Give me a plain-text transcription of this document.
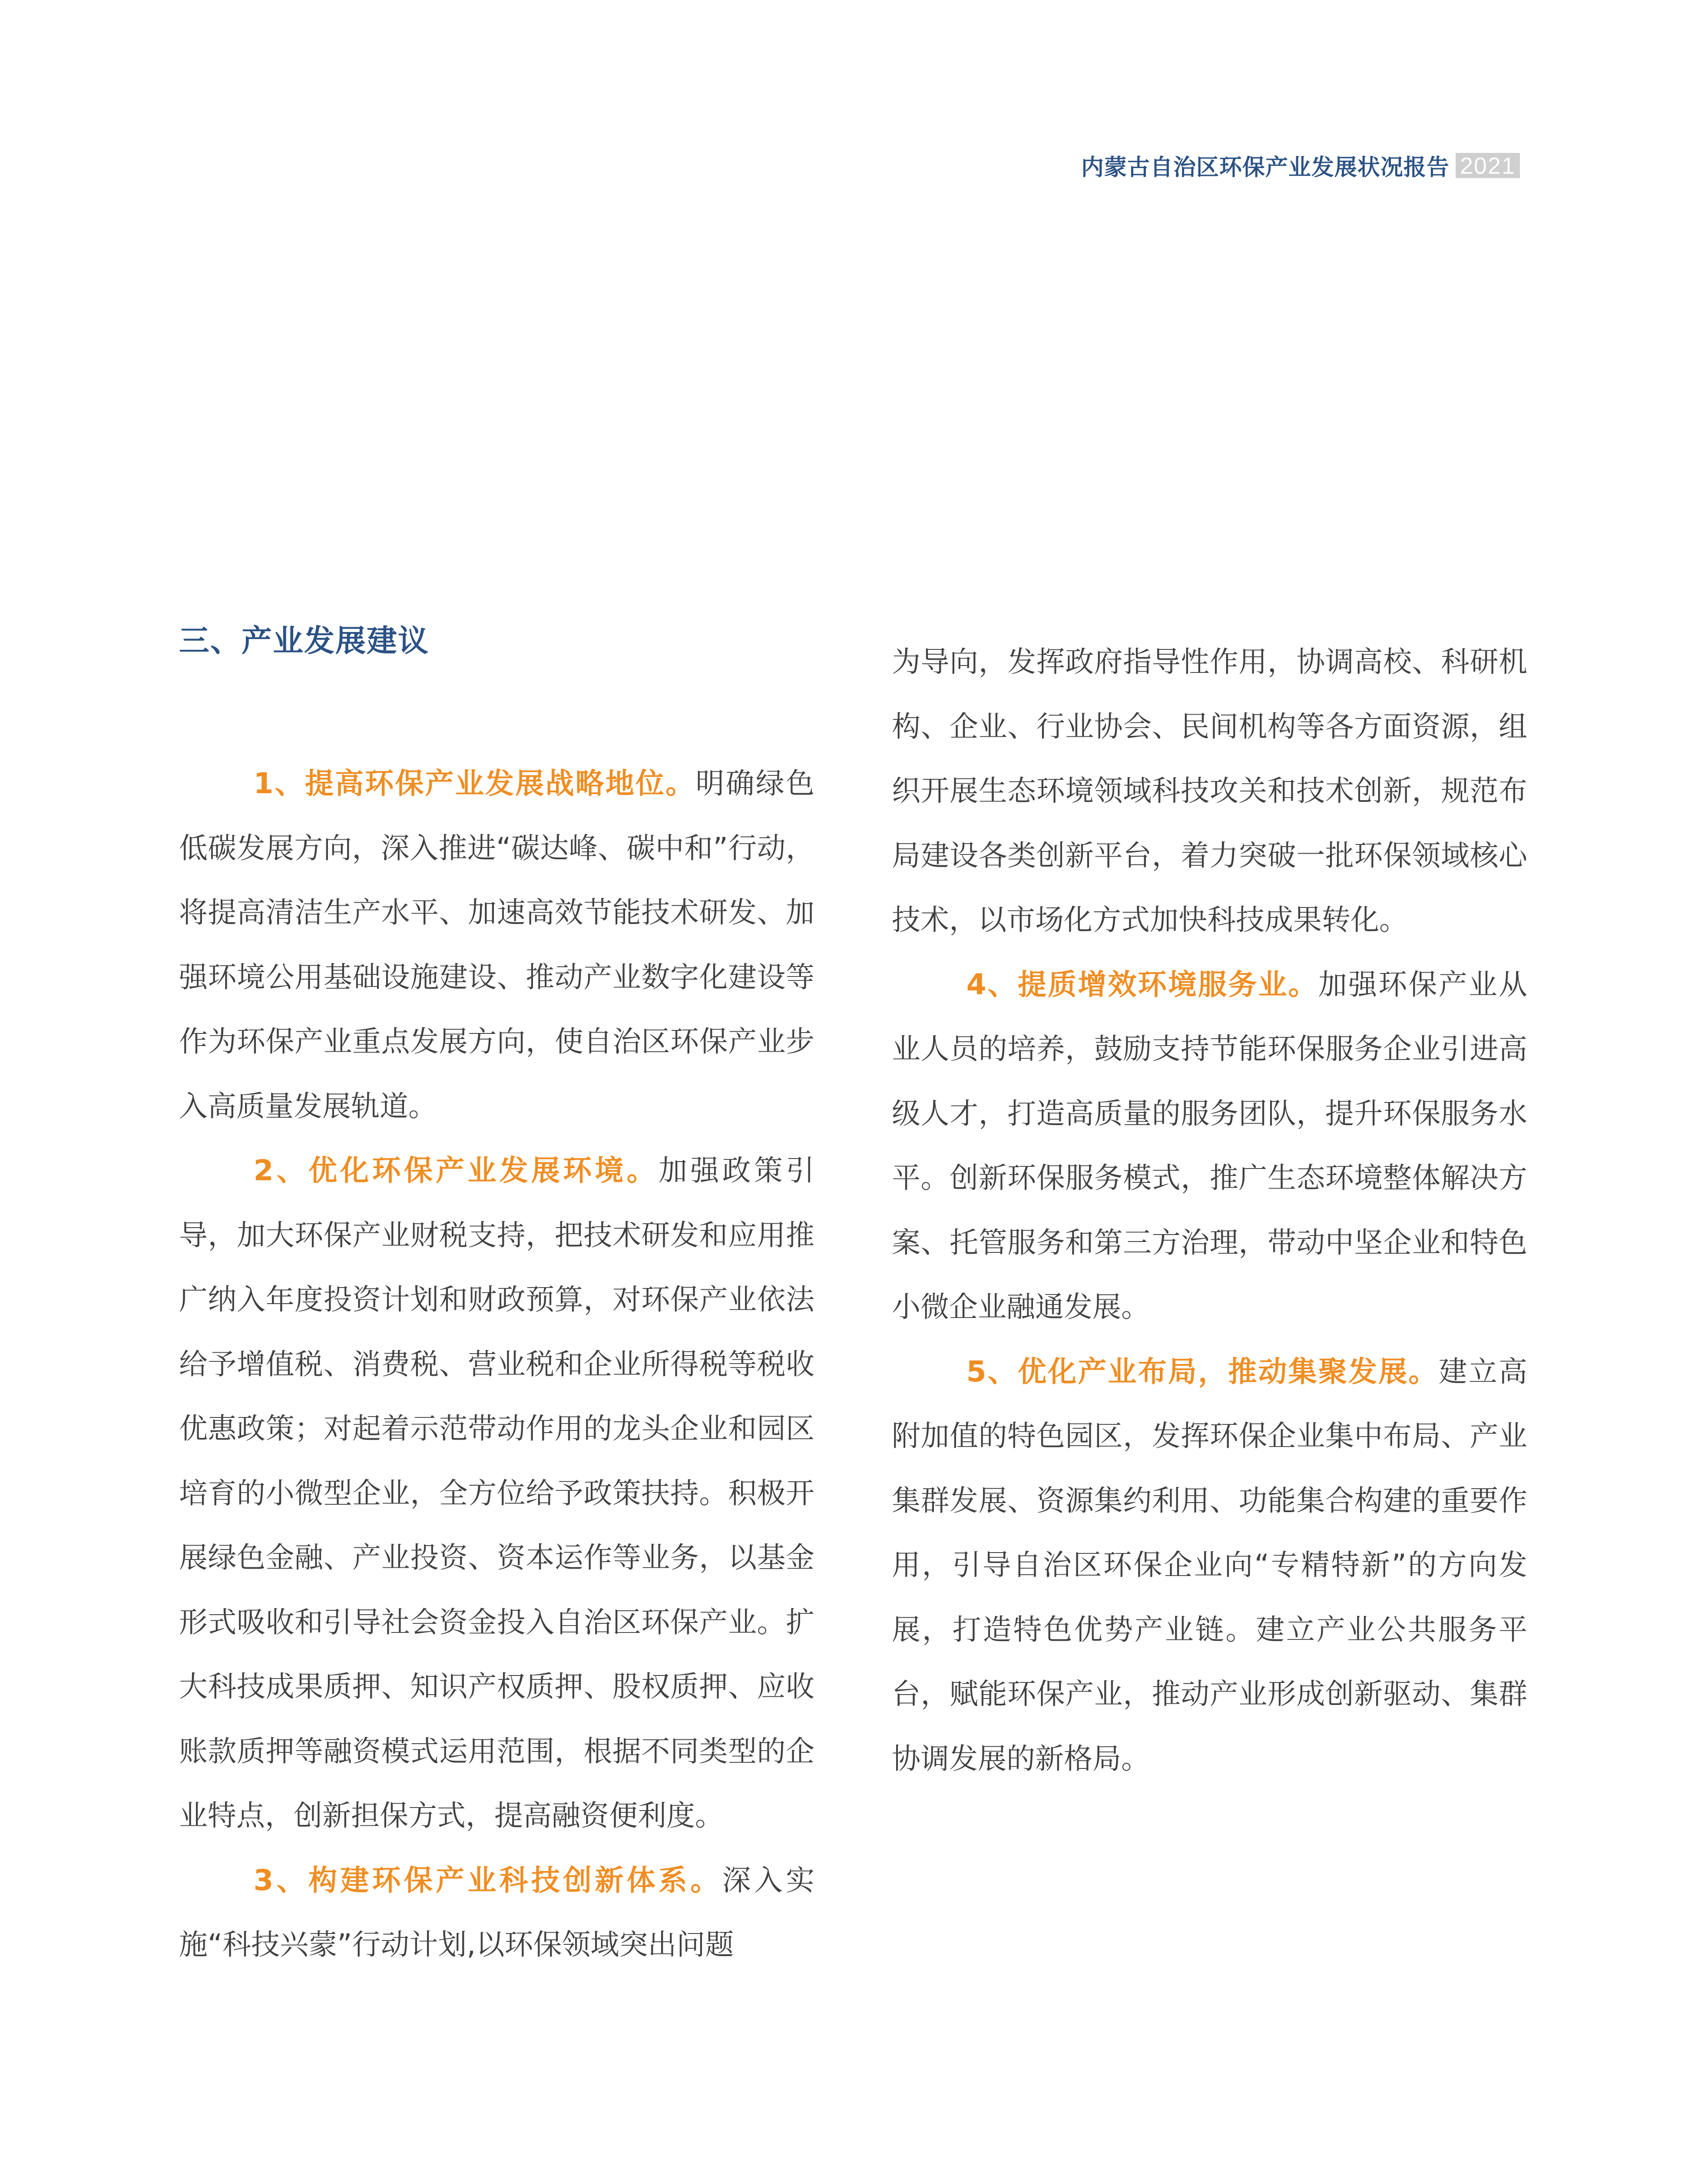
内蒙古自治区环保产业发展状况报告 2021
三、产业发展建议

1、提高环保产业发展战略地位。明确绿色低碳发展方向，深入推进“碳达峰、碳中和”行动，将提高清洁生产水平、加速高效节能技术研发、加强环境公用基础设施建设、推动产业数字化建设等作为环保产业重点发展方向，使自治区环保产业步入高质量发展轨道。

2、优化环保产业发展环境。加强政策引导，加大环保产业财税支持，把技术研发和应用推广纳入年度投资计划和财政预算，对环保产业依法给予增值税、消费税、营业税和企业所得税等税收优惠政策；对起着示范带动作用的龙头企业和园区培育的小微型企业，全方位给予政策扶持。积极开展绿色金融、产业投资、资本运作等业务，以基金形式吸收和引导社会资金投入自治区环保产业。扩大科技成果质押、知识产权质押、股权质押、应收账款质押等融资模式运用范围，根据不同类型的企业特点，创新担保方式，提高融资便利度。

3、构建环保产业科技创新体系。深入实施“科技兴蒙”行动计划,以环保领域突出问题

为导向，发挥政府指导性作用，协调高校、科研机构、企业、行业协会、民间机构等各方面资源，组织开展生态环境领域科技攻关和技术创新，规范布局建设各类创新平台，着力突破一批环保领域核心技术，以市场化方式加快科技成果转化。

4、提质增效环境服务业。加强环保产业从业人员的培养，鼓励支持节能环保服务企业引进高级人才，打造高质量的服务团队，提升环保服务水平。创新环保服务模式，推广生态环境整体解决方案、托管服务和第三方治理，带动中坚企业和特色小微企业融通发展。

5、优化产业布局，推动集聚发展。建立高附加值的特色园区，发挥环保企业集中布局、产业集群发展、资源集约利用、功能集合构建的重要作用，引导自治区环保企业向“专精特新”的方向发展，打造特色优势产业链。建立产业公共服务平台，赋能环保产业，推动产业形成创新驱动、集群协调发展的新格局。
